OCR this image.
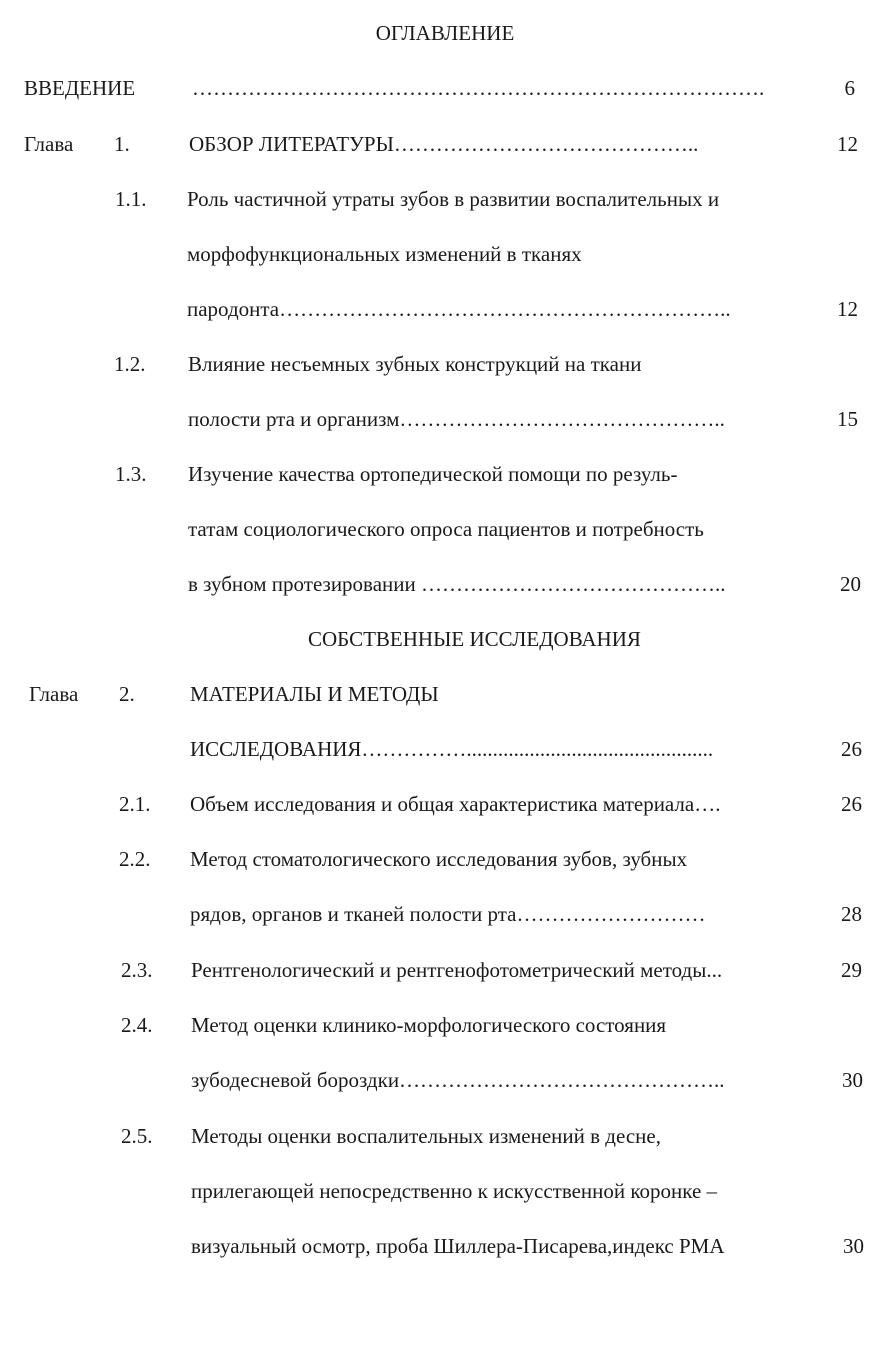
ОГЛАВЛЕНИЕ
ВВЕДЕНИЕ	……………………………………………………………………….	6
Глава 1.	ОБЗОР ЛИТЕРАТУРЫ……………………………………..	12
1.1. Роль частичной утраты зубов в развитии воспалительных и
морфофункциональных изменений в тканях
пародонта………………………………………………………..	12
1.2. Влияние несъемных зубных конструкций на ткани
полости рта и организм………………………………………..	15
1.3. Изучение качества ортопедической помощи по резуль-
татам социологического опроса пациентов и потребность
в зубном протезировании ……………………………………..	20
СОБСТВЕННЫЕ ИССЛЕДОВАНИЯ
Глава 2.	МАТЕРИАЛЫ И МЕТОДЫ
ИССЛЕДОВАНИЯ……………...............................................	26
2.1. Объем исследования и общая характеристика материала….	26
2.2. Метод стоматологического исследования зубов, зубных
рядов, органов и тканей полости рта………………………	28
2.3. Рентгенологический и рентгенофотометрический методы...	29
2.4. Метод оценки клинико-морфологического состояния
зубодесневой бороздки………………………………………..	30
2.5. Методы оценки воспалительных изменений в десне,
прилегающей непосредственно к искусственной коронке –
визуальный осмотр, проба Шиллера-Писарева,индекс РМА	30
